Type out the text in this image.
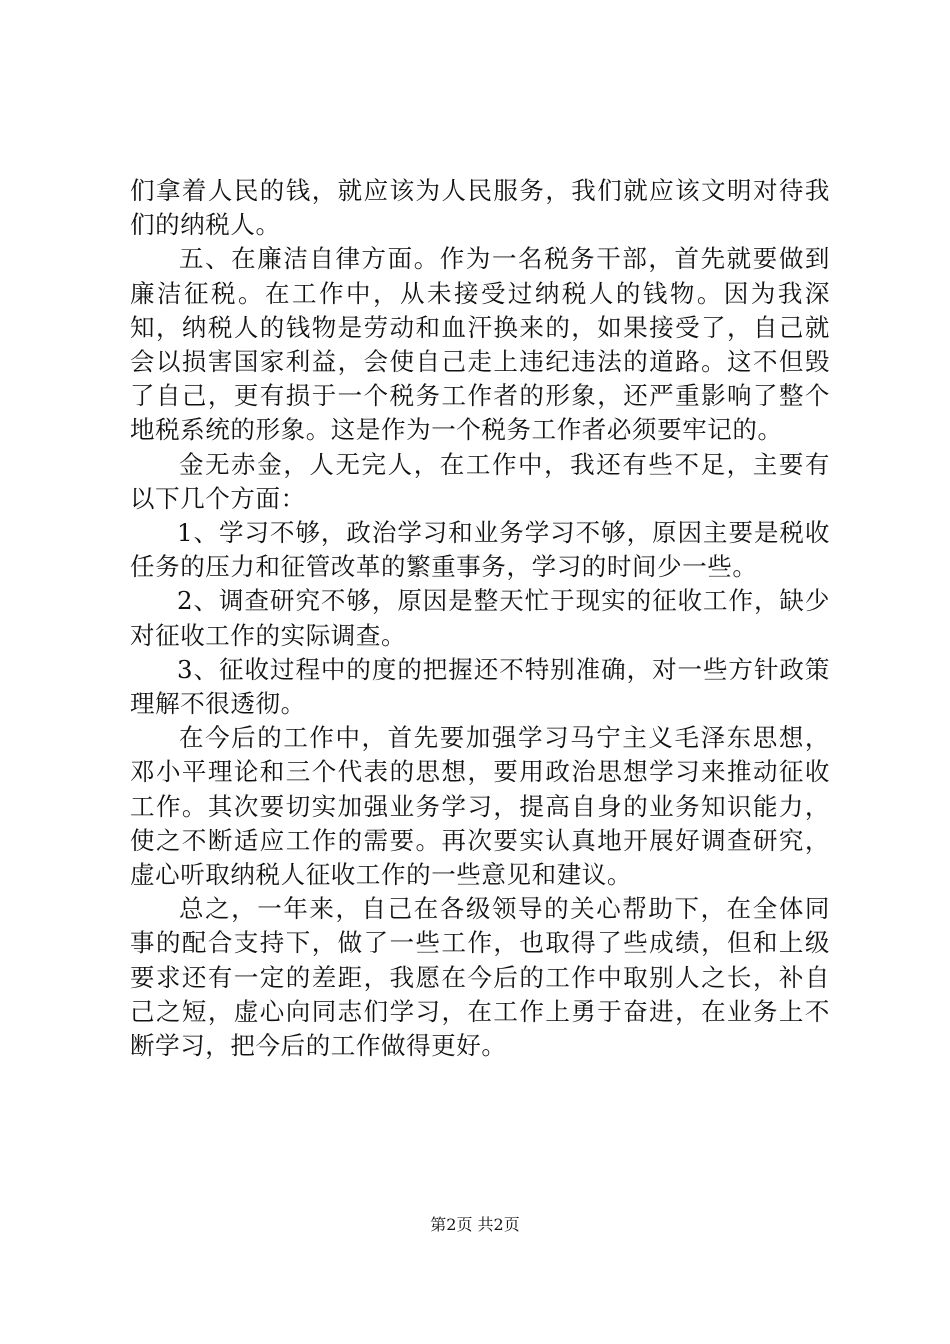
们拿着人民的钱，就应该为人民服务，我们就应该文明对待我们的纳税人。

五、在廉洁自律方面。作为一名税务干部，首先就要做到廉洁征税。在工作中，从未接受过纳税人的钱物。因为我深知，纳税人的钱物是劳动和血汗换来的，如果接受了，自己就会以损害国家利益，会使自己走上违纪违法的道路。这不但毁了自己，更有损于一个税务工作者的形象，还严重影响了整个地税系统的形象。这是作为一个税务工作者必须要牢记的。

金无赤金，人无完人，在工作中，我还有些不足，主要有以下几个方面：

1、学习不够，政治学习和业务学习不够，原因主要是税收任务的压力和征管改革的繁重事务，学习的时间少一些。

2、调查研究不够，原因是整天忙于现实的征收工作，缺少对征收工作的实际调查。

3、征收过程中的度的把握还不特别准确，对一些方针政策理解不很透彻。

在今后的工作中，首先要加强学习马宁主义毛泽东思想，邓小平理论和三个代表的思想，要用政治思想学习来推动征收工作。其次要切实加强业务学习，提高自身的业务知识能力，使之不断适应工作的需要。再次要实认真地开展好调查研究，虚心听取纳税人征收工作的一些意见和建议。

总之，一年来，自己在各级领导的关心帮助下，在全体同事的配合支持下，做了一些工作，也取得了些成绩，但和上级要求还有一定的差距，我愿在今后的工作中取别人之长，补自己之短，虚心向同志们学习，在工作上勇于奋进，在业务上不断学习，把今后的工作做得更好。

第2页 共2页
